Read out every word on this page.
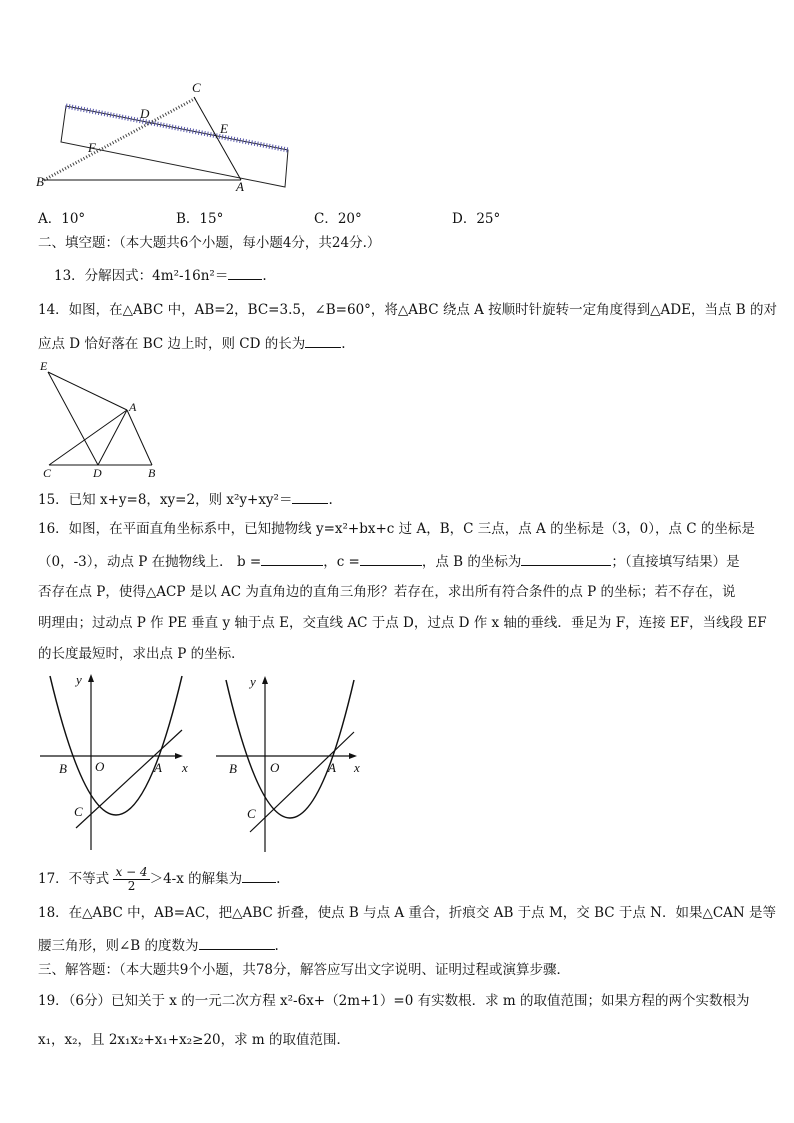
C
D
E
F
B	A
A．10°	B．15°	C．20°	D．25°
二、填空题：（本大题共6个小题，每小题4分，共24分.）
13．分解因式：4m²-16n²＝	.
14．如图，在△ABC 中，AB=2，BC=3.5，∠B=60°，将△ABC 绕点 A 按顺时针旋转一定角度得到△ADE，当点 B 的对
应点 D 恰好落在 BC 边上时，则 CD 的长为	.
E
A
C	D	B
15．已知 x+y=8，xy=2，则 x²y+xy²＝	.
16．如图，在平面直角坐标系中，已知抛物线 y=x²+bx+c 过 A，B，C 三点，点 A 的坐标是（3，0），点 C 的坐标是
（0，-3），动点 P 在抛物线上． b =	，c =	，点 B 的坐标为	；（直接填写结果）是
否存在点 P，使得△ACP 是以 AC 为直角边的直角三角形？若存在，求出所有符合条件的点 P 的坐标；若不存在，说
明理由；过动点 P 作 PE 垂直 y 轴于点 E，交直线 AC 于点 D，过点 D 作 x 轴的垂线．垂足为 F，连接 EF，当线段 EF
的长度最短时，求出点 P 的坐标．
y
x
B O	A
C
y
x
B	O	A
C
17．不等式 $\frac{x - 4}{2} >4-x$ 的解集为	.
18．在△ABC 中，AB=AC，把△ABC 折叠，使点 B 与点 A 重合，折痕交 AB 于点 M，交 BC 于点 N．如果△CAN 是等
腰三角形，则∠B 的度数为	.
三、解答题：（本大题共9个小题，共78分，解答应写出文字说明、证明过程或演算步骤．
19．（6分）已知关于 x 的一元二次方程 x²-6x+（2m+1）=0 有实数根．求 m 的取值范围；如果方程的两个实数根为
x₁，x₂，且 2x₁x₂+x₁+x₂≥20，求 m 的取值范围．
